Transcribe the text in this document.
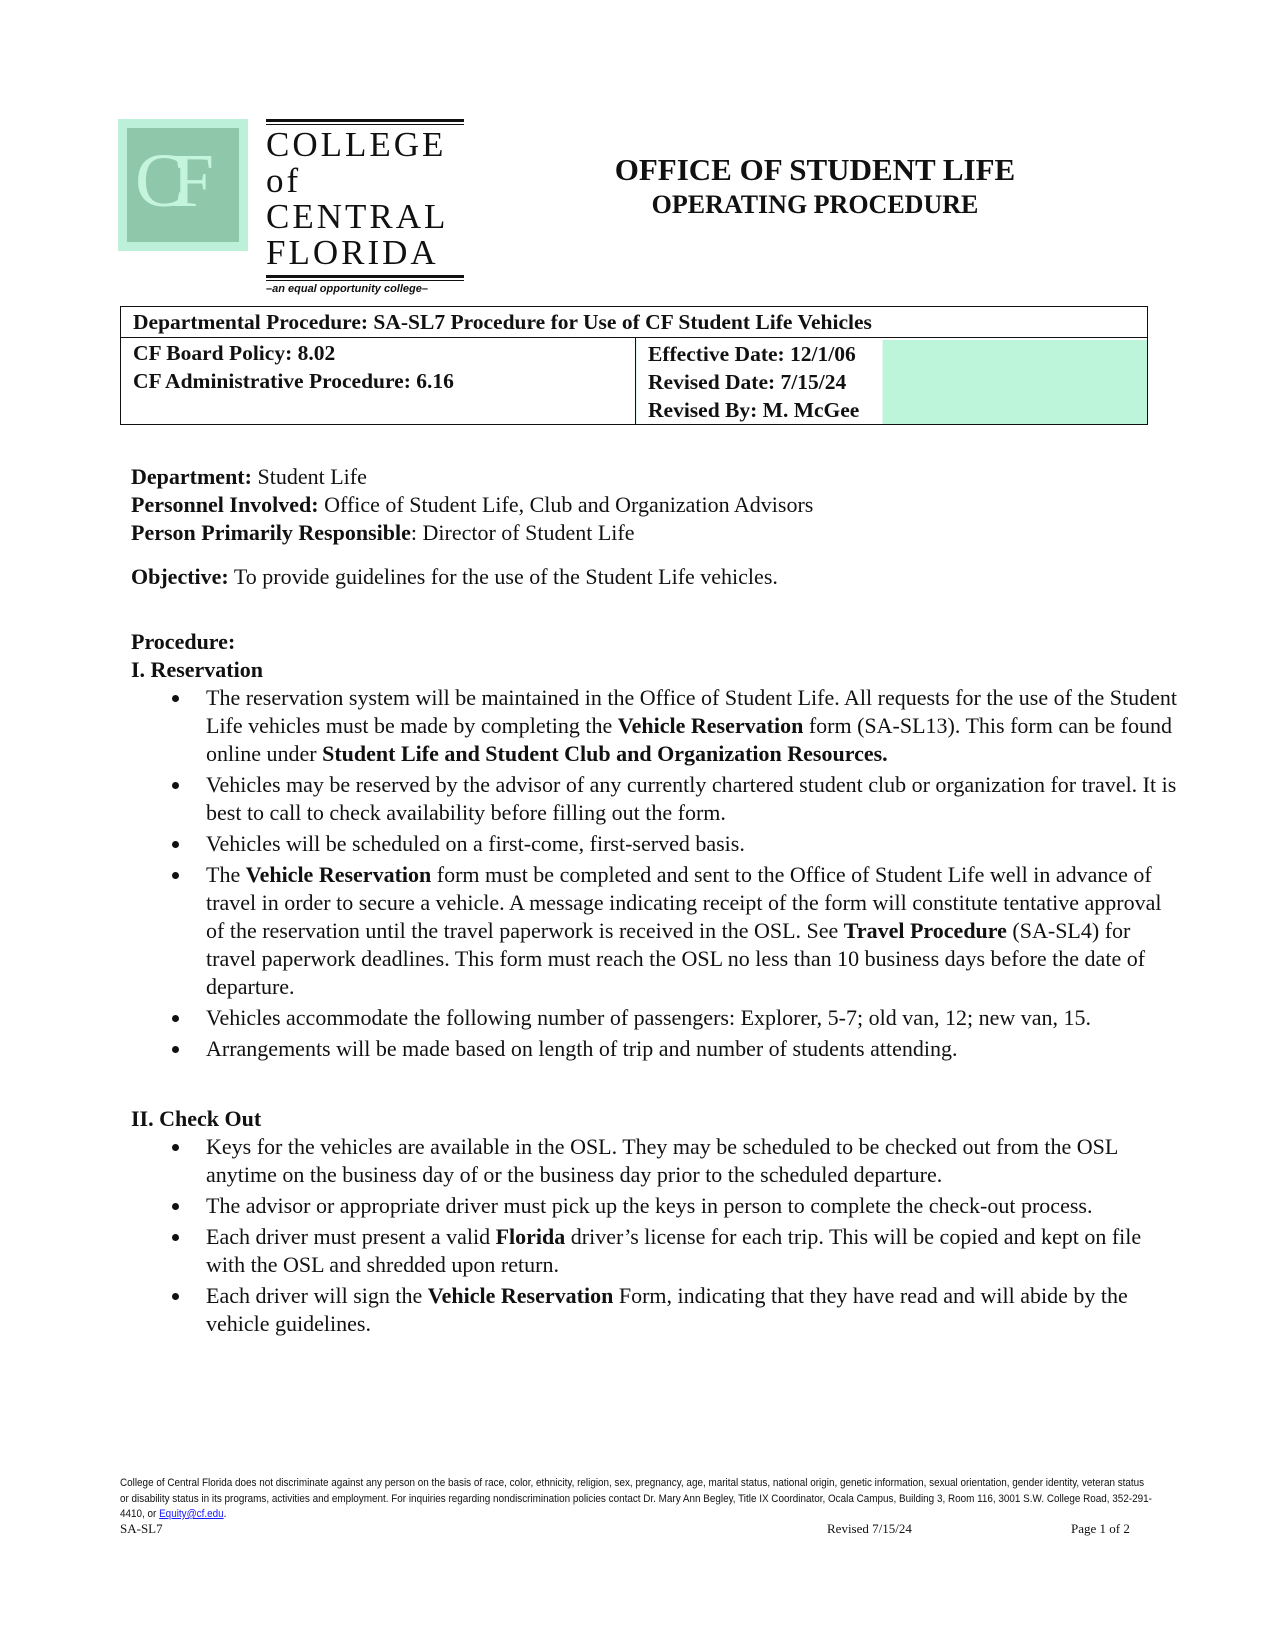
CF COLLEGE of
CENTRAL
FLORIDA
–an equal opportunity college–
OFFICE OF STUDENT LIFE
OPERATING PROCEDURE
Departmental Procedure: SA-SL7 Procedure for Use of CF Student Life Vehicles

CF Board Policy: 8.02
CF Administrative Procedure: 6.16

Effective Date: 12/1/06
Revised Date: 7/15/24
Revised By: M. McGee

Department: Student Life

Personnel Involved: Office of Student Life, Club and Organization Advisors

Person Primarily Responsible: Director of Student Life

Objective: To provide guidelines for the use of the Student Life vehicles.

Procedure:

I. Reservation

The reservation system will be maintained in the Office of Student Life. All requests for the use of the Student Life vehicles must be made by completing the Vehicle Reservation form (SA-SL13). This form can be found online under Student Life and Student Club and Organization Resources.
Vehicles may be reserved by the advisor of any currently chartered student club or organization for travel. It is best to call to check availability before filling out the form.
Vehicles will be scheduled on a first-come, first-served basis.
The Vehicle Reservation form must be completed and sent to the Office of Student Life well in advance of travel in order to secure a vehicle. A message indicating receipt of the form will constitute tentative approval of the reservation until the travel paperwork is received in the OSL. See Travel Procedure (SA-SL4) for travel paperwork deadlines. This form must reach the OSL no less than 10 business days before the date of departure.
Vehicles accommodate the following number of passengers: Explorer, 5-7; old van, 12; new van, 15.
Arrangements will be made based on length of trip and number of students attending.

II. Check Out

Keys for the vehicles are available in the OSL. They may be scheduled to be checked out from the OSL anytime on the business day of or the business day prior to the scheduled departure.
The advisor or appropriate driver must pick up the keys in person to complete the check-out process.
Each driver must present a valid Florida driver’s license for each trip. This will be copied and kept on file with the OSL and shredded upon return.
Each driver will sign the Vehicle Reservation Form, indicating that they have read and will abide by the vehicle guidelines.
College of Central Florida does not discriminate against any person on the basis of race, color, ethnicity, religion, sex, pregnancy, age, marital status, national origin, genetic information, sexual orientation, gender identity, veteran status or disability status in its programs, activities and employment. For inquiries regarding nondiscrimination policies contact Dr. Mary Ann Begley, Title IX Coordinator, Ocala Campus, Building 3, Room 116, 3001 S.W. College Road, 352-291-4410, or Equity@cf.edu.
SA-SL7	Revised 7/15/24	Page 1 of 2
